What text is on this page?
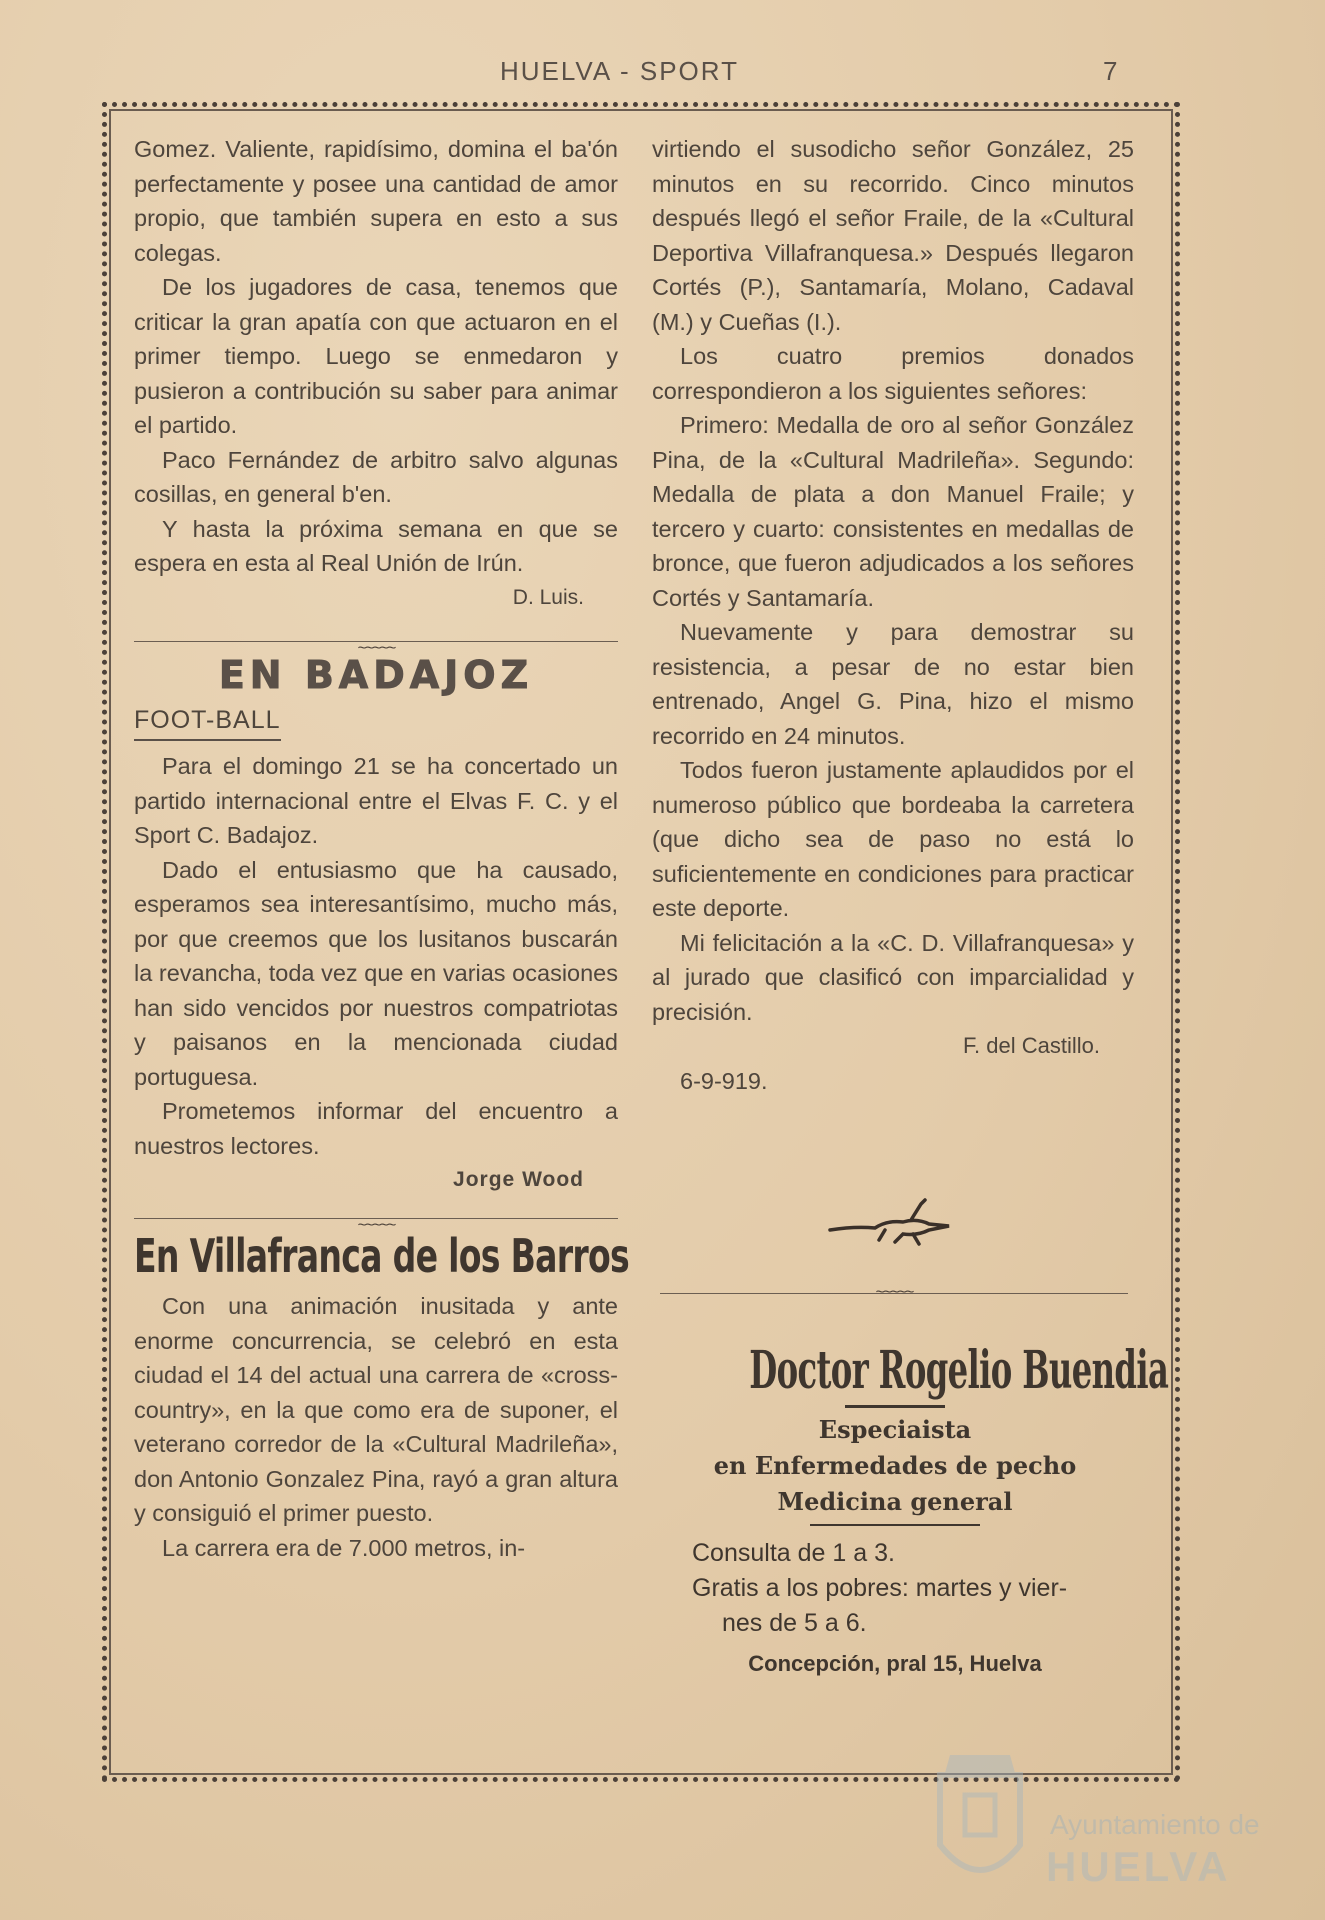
HUELVA - SPORT	7

Gomez. Valiente, rapidísimo, domina el ba'ón perfectamente y posee una cantidad de amor propio, que también supera en esto a sus colegas.

De los jugadores de casa, tenemos que criticar la gran apatía con que actuaron en el primer tiempo. Luego se enmedaron y pusieron a contribución su saber para animar el partido.

Paco Fernández de arbitro salvo algunas cosillas, en general b'en.

Y hasta la próxima semana en que se espera en esta al Real Unión de Irún.

D. Luis.

~~~~~
EN BADAJOZ
FOOT-BALL

Para el domingo 21 se ha concertado un partido internacional entre el Elvas F. C. y el Sport C. Badajoz.

Dado el entusiasmo que ha causado, esperamos sea interesantísimo, mucho más, por que creemos que los lusitanos buscarán la revancha, toda vez que en varias ocasiones han sido vencidos por nuestros compatriotas y paisanos en la mencionada ciudad portuguesa.

Prometemos informar del encuentro a nuestros lectores.

Jorge Wood

~~~~~
En Villafranca de los Barros

Con una animación inusitada y ante enorme concurrencia, se celebró en esta ciudad el 14 del actual una carrera de «cross-country», en la que como era de suponer, el veterano corredor de la «Cultural Madrileña», don Antonio Gonzalez Pina, rayó a gran altura y consiguió el primer puesto.

La carrera era de 7.000 metros, in-

virtiendo el susodicho señor González, 25 minutos en su recorrido. Cinco minutos después llegó el señor Fraile, de la «Cultural Deportiva Villafranquesa.» Después llegaron Cortés (P.), Santamaría, Molano, Cadaval (M.) y Cueñas (I.).

Los cuatro premios donados correspondieron a los siguientes señores:

Primero: Medalla de oro al señor González Pina, de la «Cultural Madrileña». Segundo: Medalla de plata a don Manuel Fraile; y tercero y cuarto: consistentes en medallas de bronce, que fueron adjudicados a los señores Cortés y Santamaría.

Nuevamente y para demostrar su resistencia, a pesar de no estar bien entrenado, Angel G. Pina, hizo el mismo recorrido en 24 minutos.

Todos fueron justamente aplaudidos por el numeroso público que bordeaba la carretera (que dicho sea de paso no está lo suficientemente en condiciones para practicar este deporte.

Mi felicitación a la «C. D. Villafranquesa» y al jurado que clasificó con imparcialidad y precisión.

F. del Castillo.

6-9-919.

~~~~~
Doctor Rogelio Buendia
Especiaista
en Enfermedades de pecho
Medicina general
Consulta de 1 a 3.
Gratis a los pobres: martes y vier-
nes de 5 a 6.
Concepción, pral 15, Huelva
Ayuntamiento de
HUELVA
